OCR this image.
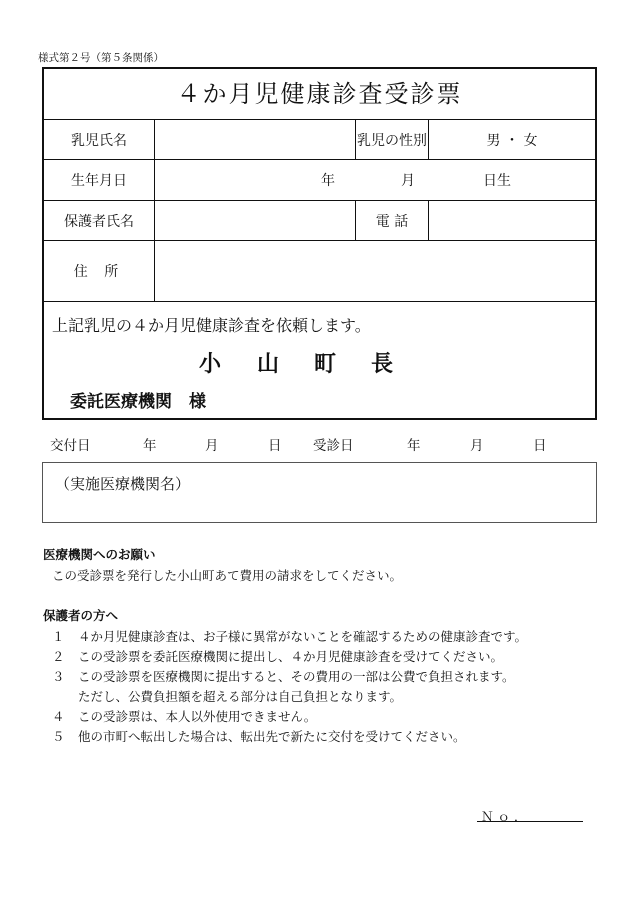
様式第２号（第５条関係）
４か月児健康診査受診票
乳児氏名		乳児の性別	男 ・ 女
生年月日	年 月 日生		

保護者氏名		電 話	
住 所			
上記乳児の４か月児健康診査を依頼します。
小 山 町 長
委託医療機関　様
交付日	年	月	日 受診日	年	月	日
（実施医療機関名）
医療機関へのお願い
この受診票を発行した小山町あて費用の請求をしてください。
保護者の方へ
１ ４か月児健康診査は、お子様に異常がないことを確認するための健康診査です。
２ この受診票を委託医療機関に提出し、４か月児健康診査を受けてください。
３ この受診票を医療機関に提出すると、その費用の一部は公費で負担されます。
ただし、公費負担額を超える部分は自己負担となります。
４ この受診票は、本人以外使用できません。
５ 他の市町へ転出した場合は、転出先で新たに交付を受けてください。
Ｎｏ．
